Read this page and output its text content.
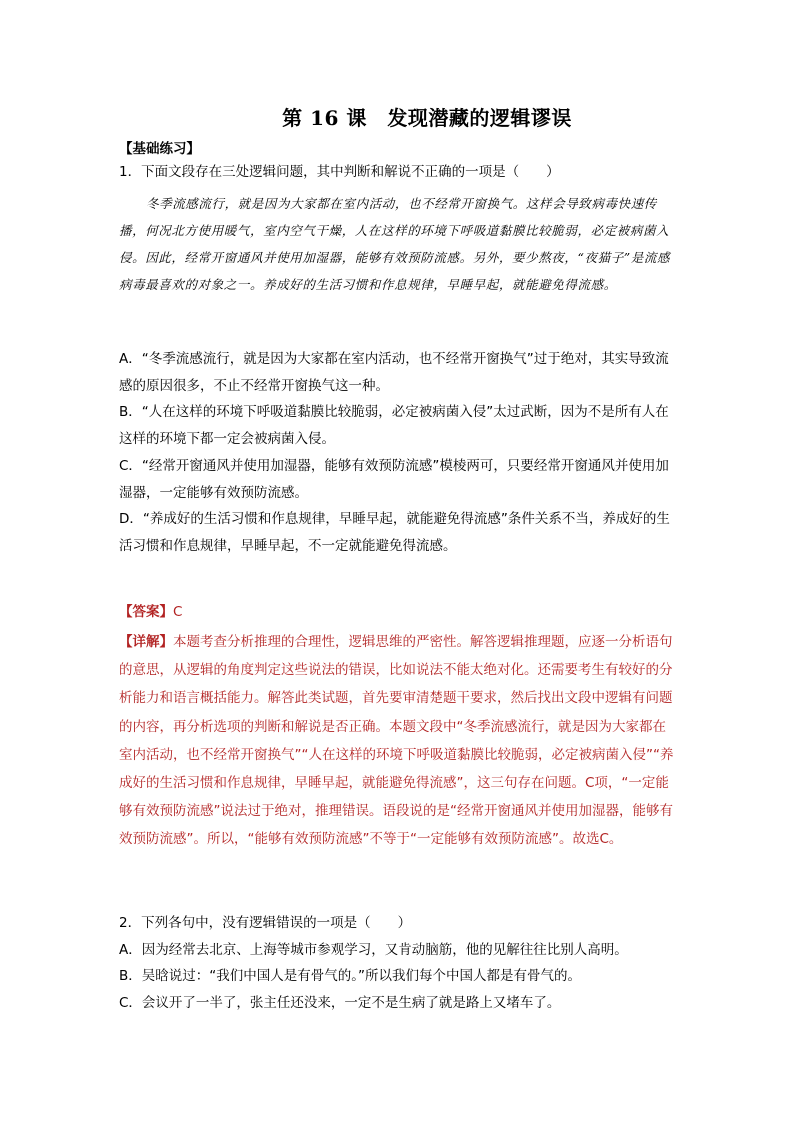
第 16 课　发现潜藏的逻辑谬误
【基础练习】
1．下面文段存在三处逻辑问题，其中判断和解说不正确的一项是（　　）

冬季流感流行，就是因为大家都在室内活动，也不经常开窗换气。这样会导致病毒快速传播，何况北方使用暖气，室内空气干燥，人在这样的环境下呼吸道黏膜比较脆弱，必定被病菌入侵。因此，经常开窗通风并使用加湿器，能够有效预防流感。另外，要少熬夜，“夜猫子”是流感病毒最喜欢的对象之一。养成好的生活习惯和作息规律，早睡早起，就能避免得流感。

A．“冬季流感流行，就是因为大家都在室内活动，也不经常开窗换气”过于绝对，其实导致流感的原因很多，不止不经常开窗换气这一种。

B．“人在这样的环境下呼吸道黏膜比较脆弱，必定被病菌入侵”太过武断，因为不是所有人在这样的环境下都一定会被病菌入侵。

C．“经常开窗通风并使用加湿器，能够有效预防流感”模棱两可，只要经常开窗通风并使用加湿器，一定能够有效预防流感。

D．“养成好的生活习惯和作息规律，早睡早起，就能避免得流感”条件关系不当，养成好的生活习惯和作息规律，早睡早起，不一定就能避免得流感。

【答案】C
【详解】本题考查分析推理的合理性，逻辑思维的严密性。解答逻辑推理题，应逐一分析语句的意思，从逻辑的角度判定这些说法的错误，比如说法不能太绝对化。还需要考生有较好的分析能力和语言概括能力。解答此类试题，首先要审清楚题干要求，然后找出文段中逻辑有问题的内容，再分析选项的判断和解说是否正确。本题文段中“冬季流感流行，就是因为大家都在室内活动，也不经常开窗换气”“人在这样的环境下呼吸道黏膜比较脆弱，必定被病菌入侵”“养成好的生活习惯和作息规律，早睡早起，就能避免得流感”，这三句存在问题。C项，“一定能够有效预防流感”说法过于绝对，推理错误。语段说的是“经常开窗通风并使用加湿器，能够有效预防流感”。所以，“能够有效预防流感”不等于“一定能够有效预防流感”。故选C。

2．下列各句中，没有逻辑错误的一项是（　　）

A．因为经常去北京、上海等城市参观学习，又肯动脑筋，他的见解往往比别人高明。

B．吴晗说过：“我们中国人是有骨气的。”所以我们每个中国人都是有骨气的。

C．会议开了一半了，张主任还没来，一定不是生病了就是路上又堵车了。
